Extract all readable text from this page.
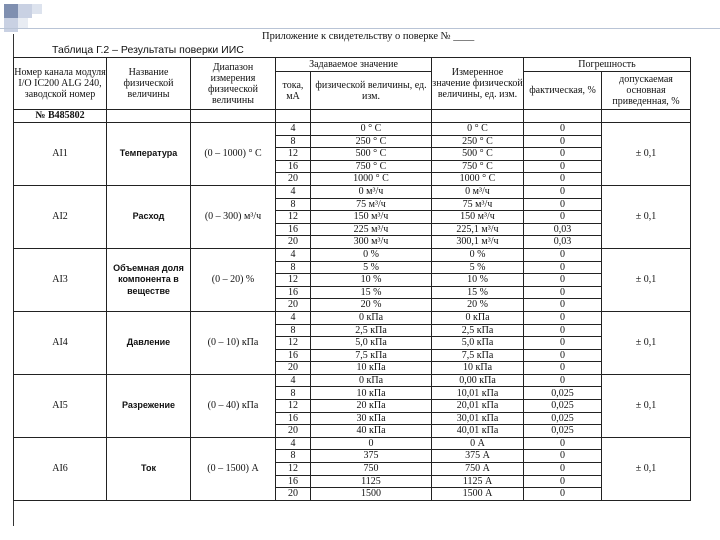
Приложение к свидетельству о поверке № ____
Таблица Г.2 – Результаты поверки ИИС
Номер канала модуля I/O IC200 ALG 240, заводской номер	Название физической величины	Диапазон измерения физической величины	Задаваемое значение		Измеренное значение физической величины, ед. изм.	Погрешность	
			тока, мА	физической величины, ед. изм.		фактическая, %	допускаемая основная приведенная, %
№ В485802							
AI1	Температура	(0 – 1000) ° С	4	0 ° С	0 ° С	0	± 0,1
			8	250 ° С	250 ° С	0	
			12	500 ° С	500 ° С	0	
			16	750 ° С	750 ° С	0	
			20	1000 ° С	1000 ° С	0	
AI2	Расход	(0 – 300) м³/ч	4	0 м³/ч	0 м³/ч	0	± 0,1
			8	75 м³/ч	75 м³/ч	0	
			12	150 м³/ч	150 м³/ч	0	
			16	225 м³/ч	225,1 м³/ч	0,03	
			20	300 м³/ч	300,1 м³/ч	0,03	
AI3	Объемная доля компонента в веществе	(0 – 20) %	4	0 %	0 %	0	± 0,1
			8	5 %	5 %	0	
			12	10 %	10 %	0	
			16	15 %	15 %	0	
			20	20 %	20 %	0	
AI4	Давление	(0 – 10) кПа	4	0 кПа	0 кПа	0	± 0,1
			8	2,5 кПа	2,5 кПа	0	
			12	5,0 кПа	5,0 кПа	0	
			16	7,5 кПа	7,5 кПа	0	
			20	10 кПа	10 кПа	0	
AI5	Разрежение	(0 – 40) кПа	4	0 кПа	0,00 кПа	0	± 0,1
			8	10 кПа	10,01 кПа	0,025	
			12	20 кПа	20,01 кПа	0,025	
			16	30 кПа	30,01 кПа	0,025	
			20	40 кПа	40,01 кПа	0,025	
AI6	Ток	(0 – 1500) А	4	0	0 А	0	± 0,1
			8	375	375 А	0	
			12	750	750 А	0	
			16	1125	1125 А	0	
			20	1500	1500 А	0	
